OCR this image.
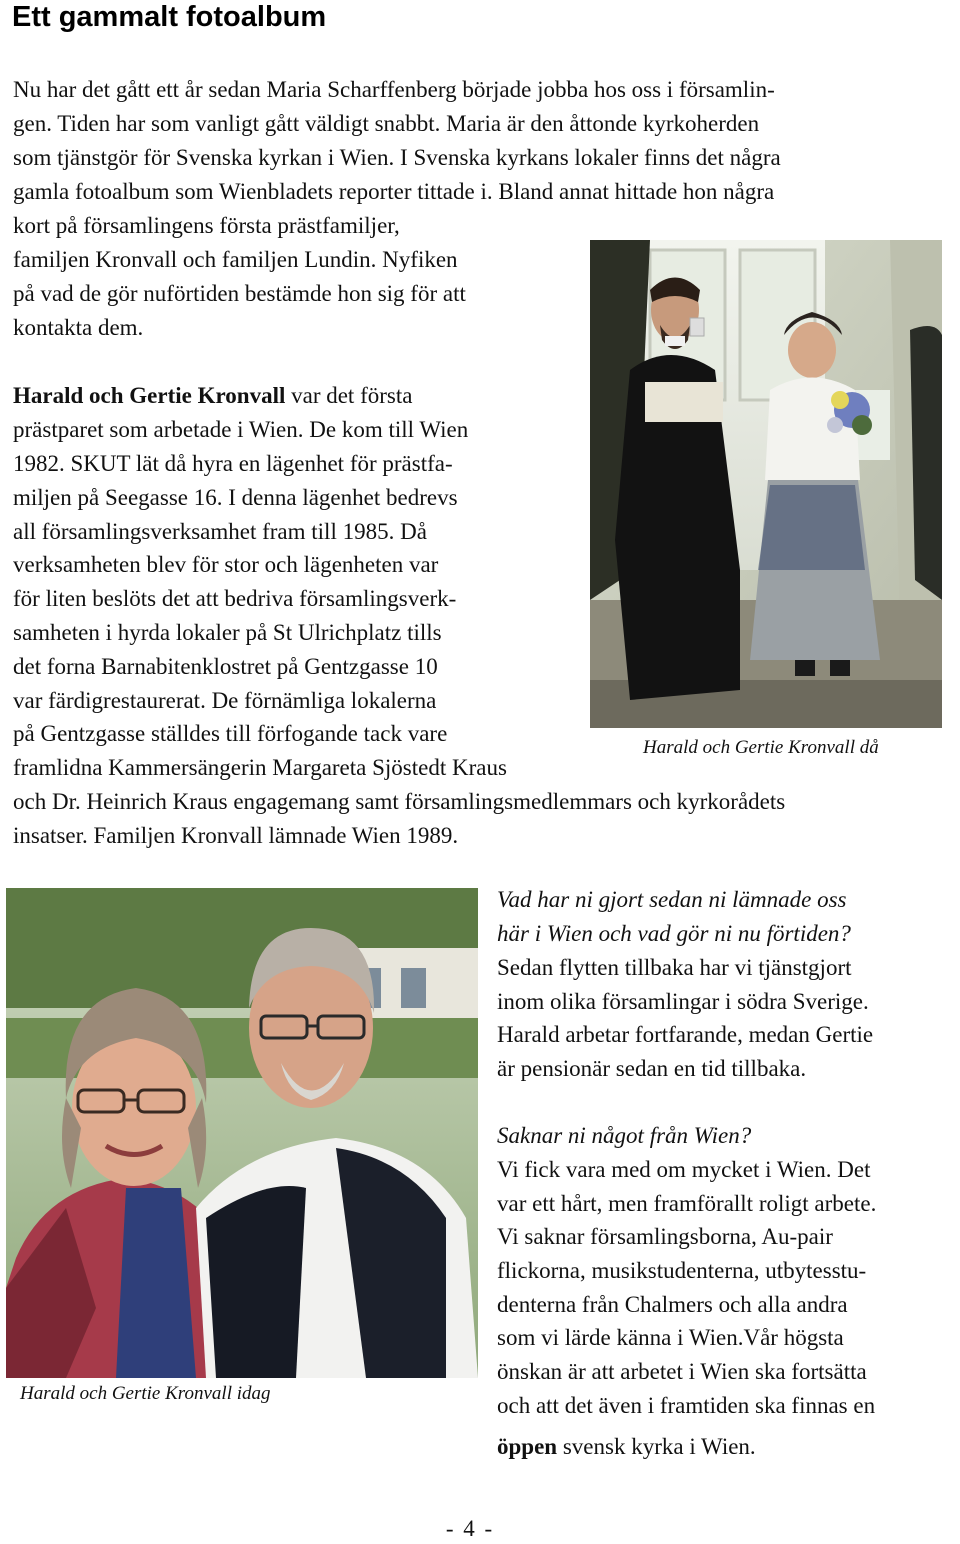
Ett gammalt fotoalbum

Nu har det gått ett år sedan Maria Scharffenberg började jobba hos oss i församlin-

gen. Tiden har som vanligt gått väldigt snabbt. Maria är den åttonde kyrkoherden

som tjänstgör för Svenska kyrkan i Wien. I Svenska kyrkans lokaler finns det några

gamla fotoalbum som Wienbladets reporter tittade i. Bland annat hittade hon några

kort på församlingens första prästfamiljer,

familjen Kronvall och familjen Lundin. Nyfiken

på vad de gör nuförtiden bestämde hon sig för att

kontakta dem.

Harald och Gertie Kronvall var det första

prästparet som arbetade i Wien. De kom till Wien

1982. SKUT lät då hyra en lägenhet för prästfa-

miljen på Seegasse 16. I denna lägenhet bedrevs

all församlingsverksamhet fram till 1985. Då

verksamheten blev för stor och lägenheten var

för liten beslöts det att bedriva församlingsverk-

samheten i hyrda lokaler på St Ulrichplatz tills

det forna Barnabitenklostret på Gentzgasse 10

var färdigrestaurerat. De förnämliga lokalerna

på Gentzgasse ställdes till förfogande tack vare

framlidna Kammersängerin Margareta Sjöstedt Kraus

och Dr. Heinrich Kraus engagemang samt församlingsmedlemmars och kyrkorådets

insatser. Familjen Kronvall lämnade Wien 1989.

Harald och Gertie Kronvall då
Harald och Gertie Kronvall idag

Vad har ni gjort sedan ni lämnade oss

här i Wien och vad gör ni nu förtiden?

Sedan flytten tillbaka har vi tjänstgjort

inom olika församlingar i södra Sverige.

Harald arbetar fortfarande, medan Gertie

är pensionär sedan en tid tillbaka.

Saknar ni något från Wien?

Vi fick vara med om mycket i Wien. Det

var ett hårt, men framförallt roligt arbete.

Vi saknar församlingsborna, Au-pair

flickorna, musikstudenterna, utbytesstu-

denterna från Chalmers och alla andra

som vi lärde känna i Wien.Vår högsta

önskan är att arbetet i Wien ska fortsätta

och att det även i framtiden ska finnas en

öppen svensk kyrka i Wien.

- 4 -
